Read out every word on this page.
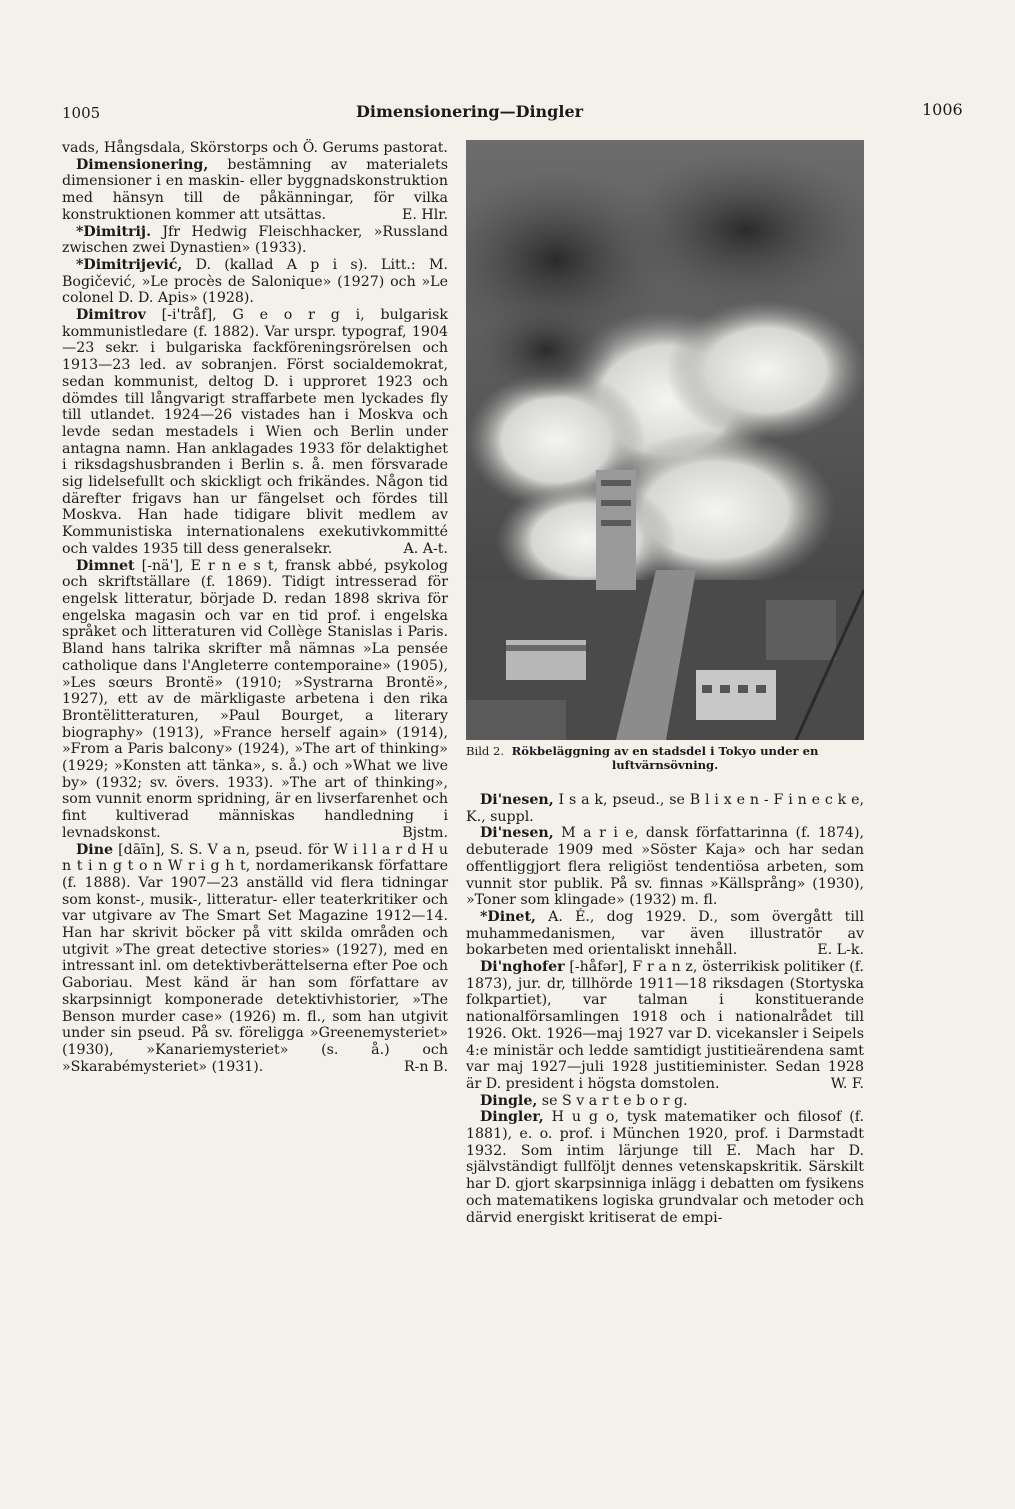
1005	Dimensionering—Dingler	1006

vads, Hångsdala, Skörstorps och Ö. Gerums pastorat.

Dimensionering, bestämning av materialets dimensioner i en maskin- eller byggnadskonstruktion med hänsyn till de påkänningar, för vilka konstruktionen kommer att utsättas.	E. Hlr.

*Dimitrij. Jfr Hedwig Fleischhacker, »Russland zwischen zwei Dynastien» (1933).

*Dimitrijević, D. (kallad A p i s). Litt.: M. Bogičević, »Le procès de Salonique» (1927) och »Le colonel D. D. Apis» (1928).

Dimitrov [-i'tråf], G e o r g i, bulgarisk kommunistledare (f. 1882). Var urspr. typograf, 1904—23 sekr. i bulgariska fackföreningsrörelsen och 1913—23 led. av sobranjen. Först socialdemokrat, sedan kommunist, deltog D. i upproret 1923 och dömdes till långvarigt straffarbete men lyckades fly till utlandet. 1924—26 vistades han i Moskva och levde sedan mestadels i Wien och Berlin under antagna namn. Han anklagades 1933 för delaktighet i riksdagshusbranden i Berlin s. å. men försvarade sig lidelsefullt och skickligt och frikändes. Någon tid därefter frigavs han ur fängelset och fördes till Moskva. Han hade tidigare blivit medlem av Kommunistiska internationalens exekutivkommitté och valdes 1935 till dess generalsekr.	A. A-t.

Dimnet [-nä'], E r n e s t, fransk abbé, psykolog och skriftställare (f. 1869). Tidigt intresserad för engelsk litteratur, började D. redan 1898 skriva för engelska magasin och var en tid prof. i engelska språket och litteraturen vid Collège Stanislas i Paris. Bland hans talrika skrifter må nämnas »La pensée catholique dans l'Angleterre contemporaine» (1905), »Les sœurs Brontë» (1910; »Systrarna Brontë», 1927), ett av de märkligaste arbetena i den rika Brontëlitteraturen, »Paul Bourget, a literary biography» (1913), »France herself again» (1914), »From a Paris balcony» (1924), »The art of thinking» (1929; »Konsten att tänka», s. å.) och »What we live by» (1932; sv. övers. 1933). »The art of thinking», som vunnit enorm spridning, är en livserfarenhet och fint kultiverad människas handledning i levnadskonst.	Bjstm.

Dine [dāīn], S. S. V a n, pseud. för W i l l a r d H u n t i n g t o n W r i g h t, nordamerikansk författare (f. 1888). Var 1907—23 anställd vid flera tidningar som konst-, musik-, litteratur- eller teaterkritiker och var utgivare av The Smart Set Magazine 1912—14. Han har skrivit böcker på vitt skilda områden och utgivit »The great detective stories» (1927), med en intressant inl. om detektivberättelserna efter Poe och Gaboriau. Mest känd är han som författare av skarpsinnigt komponerade detektivhistorier, »The Benson murder case» (1926) m. fl., som han utgivit under sin pseud. På sv. föreligga »Greenemysteriet» (1930), »Kanariemysteriet» (s. å.) och »Skarabémysteriet» (1931).	R-n B.

Bild 2. Rökbeläggning av en stadsdel i Tokyo under en luftvärnsövning.

Di'nesen, I s a k, pseud., se B l i x e n - F i n e c k e, K., suppl.

Di'nesen, M a r i e, dansk författarinna (f. 1874), debuterade 1909 med »Söster Kaja» och har sedan offentliggjort flera religiöst tendentiösa arbeten, som vunnit stor publik. På sv. finnas »Källsprång» (1930), »Toner som klingade» (1932) m. fl.

*Dinet, A. É., dog 1929. D., som övergått till muhammedanismen, var även illustratör av bokarbeten med orientaliskt innehåll.	E. L-k.

Di'nghofer [-håfər], F r a n z, österrikisk politiker (f. 1873), jur. dr, tillhörde 1911—18 riksdagen (Stortyska folkpartiet), var talman i konstituerande nationalförsamlingen 1918 och i nationalrådet till 1926. Okt. 1926—maj 1927 var D. vicekansler i Seipels 4:e ministär och ledde samtidigt justitieärendena samt var maj 1927—juli 1928 justitieminister. Sedan 1928 är D. president i högsta domstolen.	W. F.

Dingle, se S v a r t e b o r g.

Dingler, H u g o, tysk matematiker och filosof (f. 1881), e. o. prof. i München 1920, prof. i Darmstadt 1932. Som intim lärjunge till E. Mach har D. självständigt fullföljt dennes vetenskapskritik. Särskilt har D. gjort skarpsinniga inlägg i debatten om fysikens och matematikens logiska grundvalar och metoder och därvid energiskt kritiserat de empi-
